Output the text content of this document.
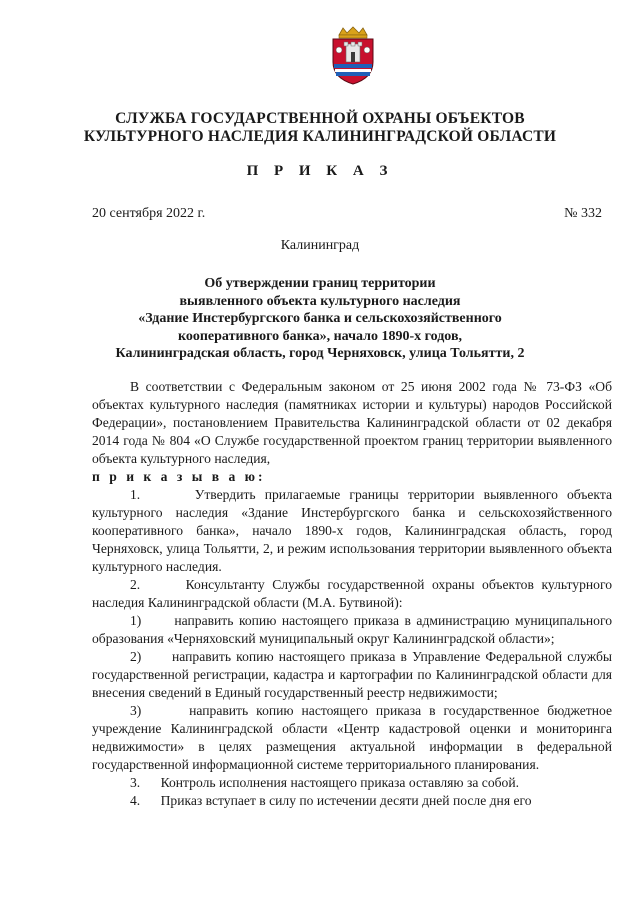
СЛУЖБА ГОСУДАРСТВЕННОЙ ОХРАНЫ ОБЪЕКТОВ
КУЛЬТУРНОГО НАСЛЕДИЯ КАЛИНИНГРАДСКОЙ ОБЛАСТИ
П Р И К А З
20 сентября 2022 г.	№ 332
Калининград
Об утверждении границ территории
выявленного объекта культурного наследия
«Здание Инстербургского банка и сельскохозяйственного
кооперативного банка», начало 1890-х годов,
Калининградская область, город Черняховск, улица Тольятти, 2

В соответствии с Федеральным законом от 25 июня 2002 года № 73-ФЗ «Об объектах культурного наследия (памятниках истории и культуры) народов Российской Федерации», постановлением Правительства Калининградской области от 02 декабря 2014 года № 804 «О Службе государственной проектом границ территории выявленного объекта культурного наследия,
п р и к а з ы в а ю:

1.      Утвердить прилагаемые границы территории выявленного объекта культурного наследия «Здание Инстербургского банка и сельскохозяйственного кооперативного банка», начало 1890-х годов, Калининградская область, город Черняховск, улица Тольятти, 2, и режим использования территории выявленного объекта культурного наследия.

2.      Консультанту Службы государственной охраны объектов культурного наследия Калининградской области (М.А. Бутвиной):

1)      направить копию настоящего приказа в администрацию муниципального образования «Черняховский муниципальный округ Калининградской области»;

2)      направить копию настоящего приказа в Управление Федеральной службы государственной регистрации, кадастра и картографии по Калининградской области для внесения сведений в Единый государственный реестр недвижимости;

3)      направить копию настоящего приказа в государственное бюджетное учреждение Калининградской области «Центр кадастровой оценки и мониторинга недвижимости» в целях размещения актуальной информации в федеральной государственной информационной системе территориального планирования.

3.      Контроль исполнения настоящего приказа оставляю за собой.

4.      Приказ вступает в силу по истечении десяти дней после дня его
